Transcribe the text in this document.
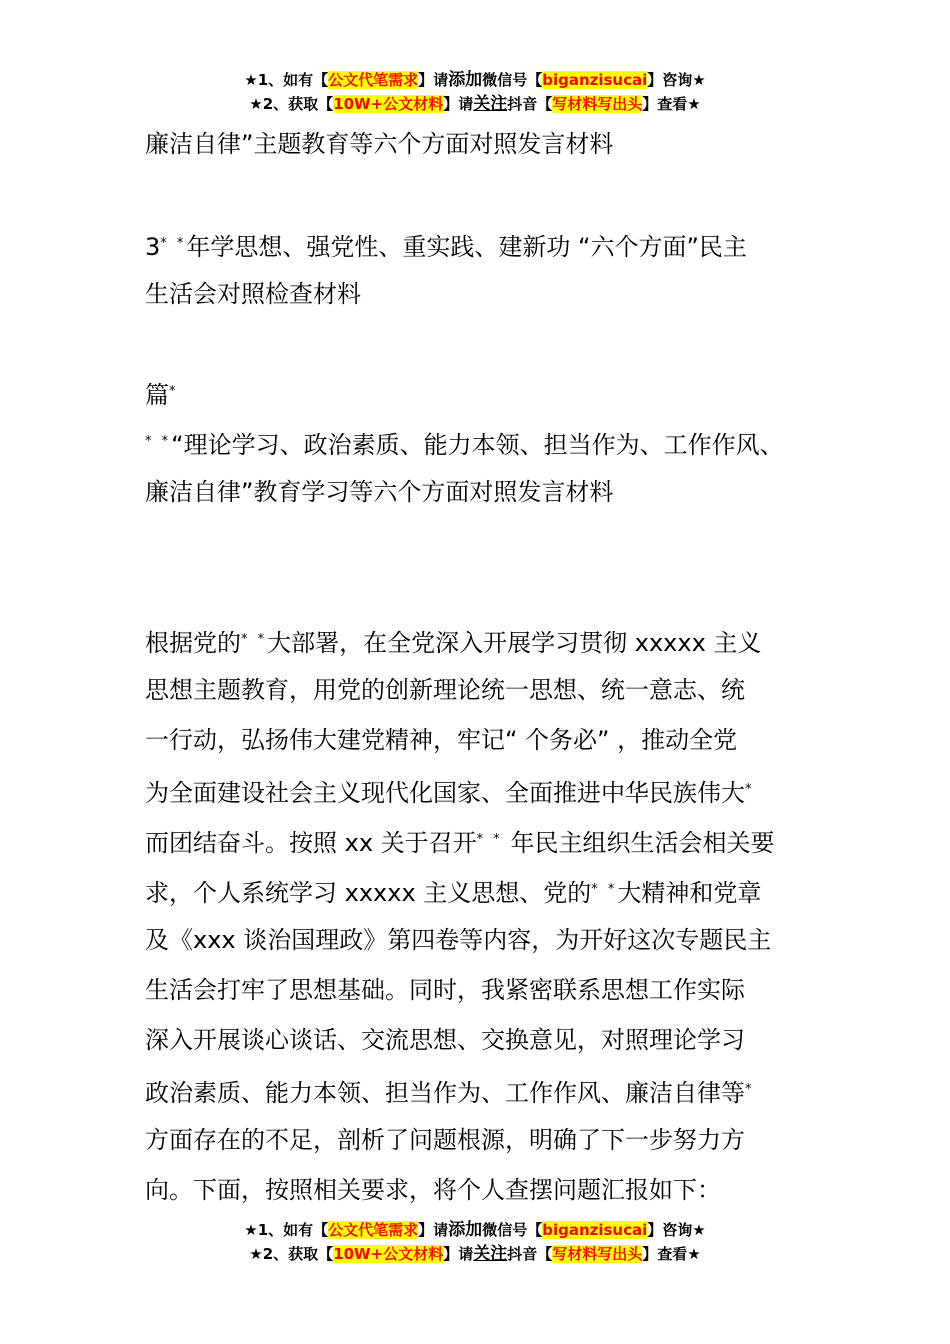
★1、如有【公文代笔需求】请添加微信号【biganzisucai】咨询★
★2、获取【10W+公文材料】请关注抖音【写材料写出头】查看★
廉洁自律”主题教育等六个方面对照发言材料
3* *年学思想、强党性、重实践、建新功 “六个方面”民主
生活会对照检查材料
篇*
* *“理论学习、政治素质、能力本领、担当作为、工作作风、
廉洁自律”教育学习等六个方面对照发言材料
根据党的* *大部署，在全党深入开展学习贯彻 xxxxx 主义
思想主题教育，用党的创新理论统一思想、统一意志、统
一行动，弘扬伟大建党精神，牢记“ 个务必” ，推动全党
为全面建设社会主义现代化国家、全面推进中华民族伟大*
而团结奋斗。按照 xx 关于召开* * 年民主组织生活会相关要
求，个人系统学习 xxxxx 主义思想、党的* *大精神和党章
及《xxx 谈治国理政》第四卷等内容，为开好这次专题民主
生活会打牢了思想基础。同时，我紧密联系思想工作实际
深入开展谈心谈话、交流思想、交换意见，对照理论学习
政治素质、能力本领、担当作为、工作作风、廉洁自律等*
方面存在的不足，剖析了问题根源，明确了下一步努力方
向。下面，按照相关要求，将个人查摆问题汇报如下：
★1、如有【公文代笔需求】请添加微信号【biganzisucai】咨询★
★2、获取【10W+公文材料】请关注抖音【写材料写出头】查看★
